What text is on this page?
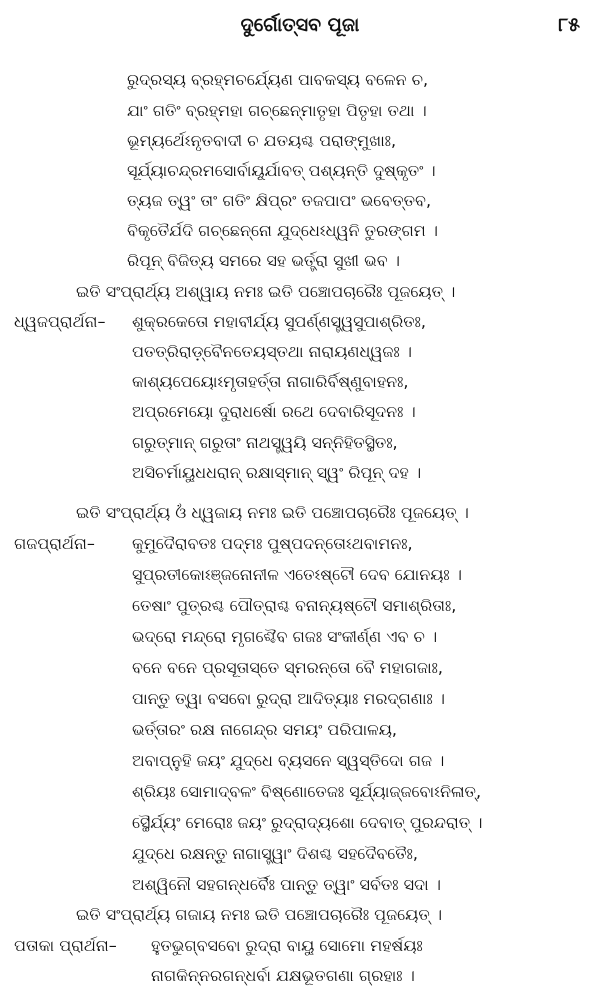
ଦୁର୍ଗୋତ୍ସବ ପୂଜା	୮୫
ରୁଦ୍ରସ୍ୟ ବ୍ରହ୍ମଚର୍ଯ୍ୟେଣ ପାବକସ୍ୟ ବଳେନ ଚ,
ଯାଂ ଗତିଂ ବ୍ରହ୍ମହା ଗଚ୍ଛେନ୍ମାତୃହା ପିତୃହା ତଥା ।
ଭୂମ୍ୟର୍ଥେଽନୃତବାଦୀ ଚ ଯତୟଶ୍ଚ ପରାଙ୍ମୁଖାଃ,
ସୂର୍ଯ୍ୟାଚନ୍ଦ୍ରମସୋର୍ବାୟୂର୍ଯାବତ୍ ପଶ୍ୟନ୍ତି ଦୁଷ୍କୃତଂ ।
ତ୍ୟଜ ତ୍ୱଂ ତାଂ ଗତିଂ କ୍ଷିପ୍ରଂ ତଜପାପଂ ଭବେତ୍ତବ,
ବିକୃତୈର୍ଯଦି ଗଚ୍ଛେନ୍ନୋ ଯୁଦ୍ଧେଽଧ୍ୱନି ତୁରଙ୍ଗମ ।
ରିପୂନ୍ ବିଜିତ୍ୟ ସମରେ ସହ ଭର୍ତ୍ତ୍ରା ସୁଖୀ ଭବ ।
ଇତି ସଂପ୍ରାର୍ଥ୍ୟ ଅଶ୍ୱାୟ ନମଃ ଇତି ପଞ୍ଚୋପଚାରୈଃ ପୂଜୟେତ୍ ।
ଧ୍ୱଜପ୍ରାର୍ଥନା– ଶୁକ୍ରକେତୋ ମହାବୀର୍ଯ୍ୟ ସୁପର୍ଣ୍ଣସ୍ତ୍ୱସୁପାଶ୍ରିତଃ,
ପତତ୍ରିରାଡ଼୍ବୈନତେୟସ୍ତଥା ନାରାୟଣଧ୍ୱଜଃ ।
କାଶ୍ୟପେୟୋଽମୃତାହର୍ତ୍ତା ନାଗାରିର୍ବିଷ୍ଣୁବାହନଃ,
ଅପ୍ରମେୟୋ ଦୁରାଧର୍ଷୋ ରଥେ ଦେବାରିସୂଦନଃ ।
ଗରୁତ୍ମାନ୍ ଗରୁତାଂ ନାଥସ୍ତ୍ୱୟି ସନ୍ନିହିତସ୍ଥିତଃ,
ଅସିଚର୍ମାୟୁଧଧରାନ୍ ରକ୍ଷାସ୍ମାନ୍ ସ୍ୱଂ ରିପୂନ୍ ଦହ ।
ଇତି ସଂପ୍ରାର୍ଥ୍ୟ ଓଁ ଧ୍ୱଜାୟ ନମଃ ଇତି ପଞ୍ଚୋପଚାରୈଃ ପୂଜୟେତ୍ ।
ଗଜପ୍ରାର୍ଥନା– କୁମୁଦୈରାବତଃ ପଦ୍ମଃ ପୁଷ୍ପଦନ୍ତୋଽଥବାମନଃ,
ସୁପ୍ରତୀକୋଽଞ୍ଜନୋନୀଳ ଏତେଽଷ୍ଟୌ ଦେବ ଯୋନୟଃ ।
ତେଷାଂ ପୁତ୍ରଶ୍ଚ ପୌତ୍ରାଶ୍ଚ ବନାନ୍ୟଷ୍ଟୌ ସମାଶ୍ରିତାଃ,
ଭଦ୍ରୋ ମନ୍ଦ୍ରୋ ମୃଗଶ୍ଚୈବ ଗଜଃ ସଂକୀର୍ଣ୍ଣ ଏବ ଚ ।
ବନେ ବନେ ପ୍ରସୂତାସ୍ତେ ସ୍ମରନ୍ତୋ ବୈ ମହାଗଜାଃ,
ପାନ୍ତୁ ତ୍ୱା ବସବୋ ରୁଦ୍ରା ଆଦିତ୍ୟାଃ ମରଦ୍ଗଣାଃ ।
ଭର୍ତ୍ତାରଂ ରକ୍ଷ ନାଗେନ୍ଦ୍ର ସମୟଂ ପରିପାଳୟ,
ଅବାପ୍ନୁହି ଜୟଂ ଯୁଦ୍ଧେ ବ୍ୟସନେ ସ୍ୱସ୍ତିଦୋ ଗଜ ।
ଶ୍ରିୟଃ ସୋମାଦ୍ବଳଂ ବିଷ୍ଣୋତେଜଃ ସୂର୍ଯ୍ୟାଜ୍ଜବୋଽନିଳାତ୍,
ସ୍ଥୈର୍ଯ୍ୟଂ ମେରୋଃ ଜୟଂ ରୁଦ୍ରାଦ୍ୟଶୋ ଦେବାତ୍ ପୁରନ୍ଦରାତ୍ ।
ଯୁଦ୍ଧେ ରକ୍ଷନ୍ତୁ ନାଗାସ୍ତ୍ୱାଂ ଦିଶଶ୍ଚ ସହଦୈବତୈଃ,
ଅଶ୍ୱିନୌ ସହଗନ୍ଧର୍ବୈଃ ପାନ୍ତୁ ତ୍ୱାଂ ସର୍ବତଃ ସଦା ।
ଇତି ସଂପ୍ରାର୍ଥ୍ୟ ଗଜାୟ ନମଃ ଇତି ପଞ୍ଚୋପଚାରୈଃ ପୂଜୟେତ୍ ।
ପତାକା ପ୍ରାର୍ଥନା– ହୁତଭୁଗ୍ବସବୋ ରୁଦ୍ରା ବାୟୁ ସୋମୋ ମହର୍ଷୟଃ
ନାଗକିନ୍ନରଗନ୍ଧର୍ବା ଯକ୍ଷଭୂତଗଣା ଗ୍ରହାଃ ।
